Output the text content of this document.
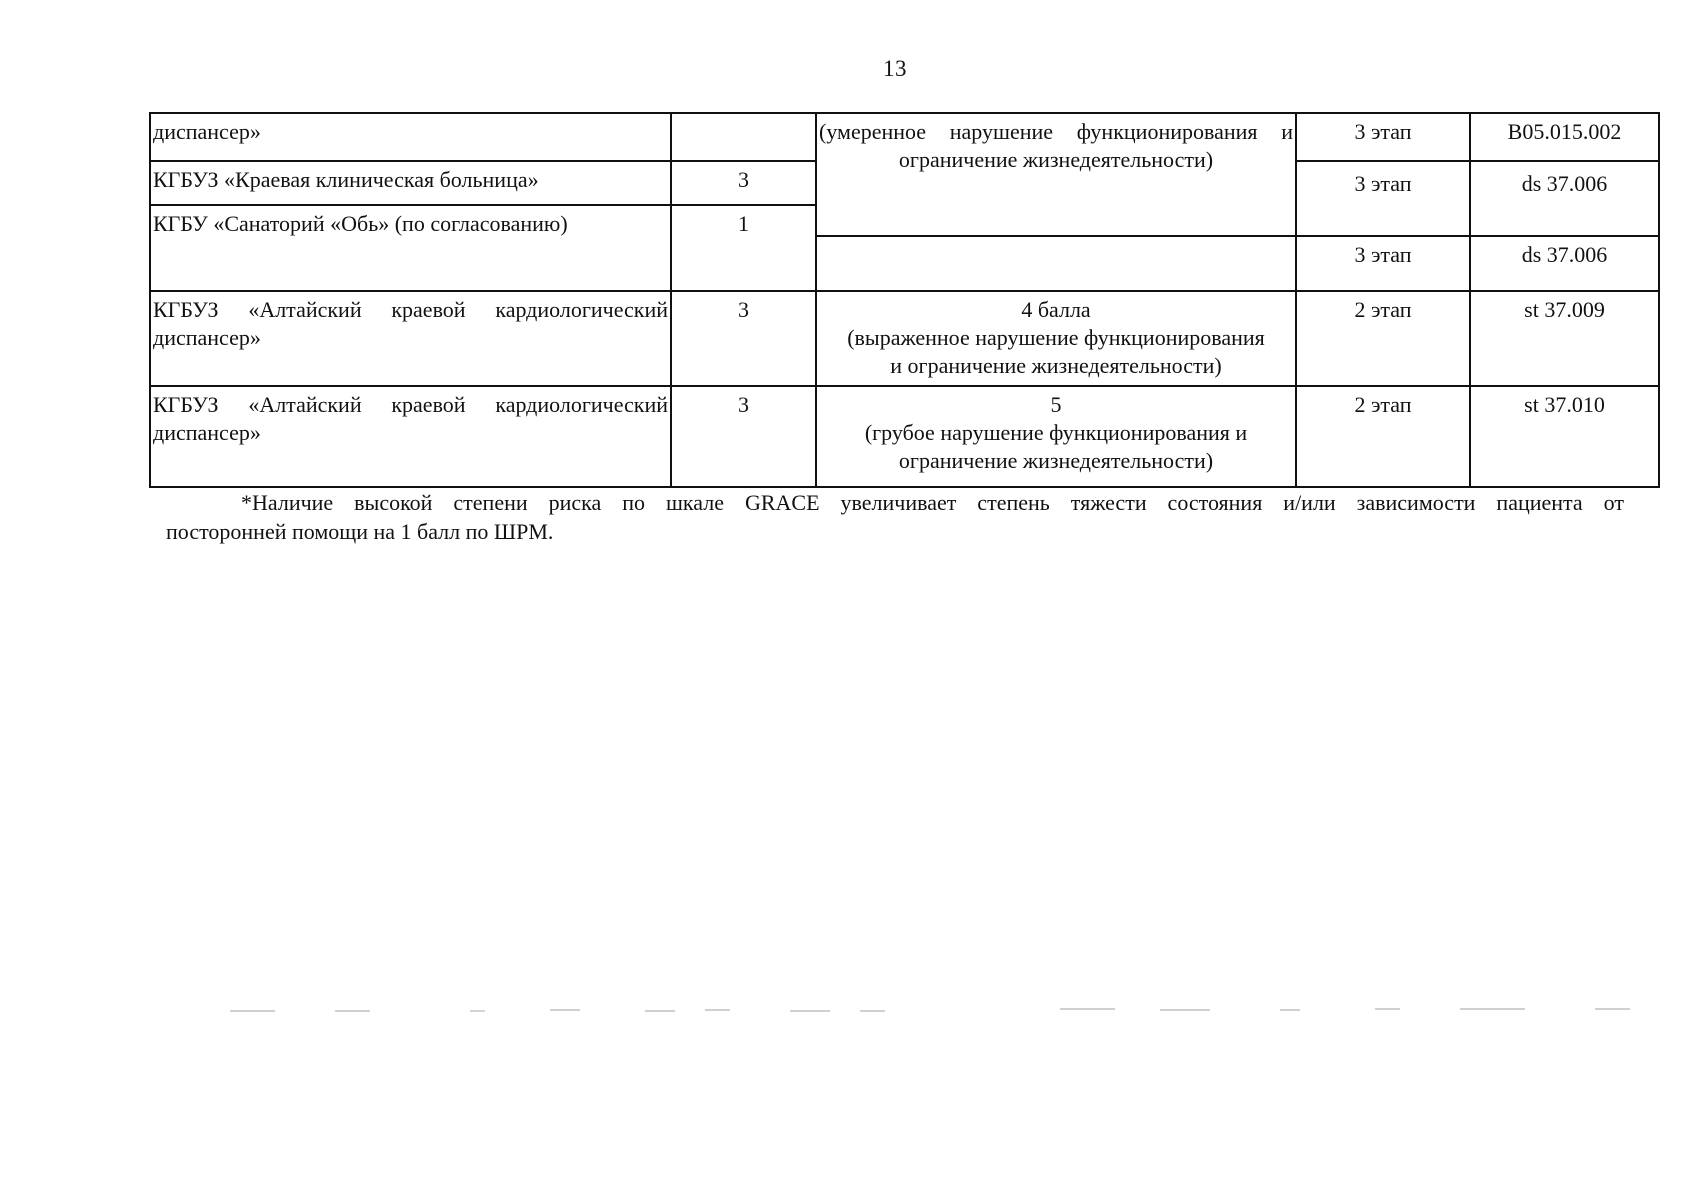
13
диспансер»		(умеренное нарушение функционирования и
ограничение жизнедеятельности)	3 этап	B05.015.002
КГБУЗ «Краевая клиническая больница»	3		3 этап	ds 37.006
КГБУ «Санаторий «Обь» (по согласованию)	1			
			3 этап	ds 37.006

КГБУЗ «Алтайский краевой кардиологический
диспансер»	3	4 балла
(выраженное нарушение функционирования
и ограничение жизнедеятельности)	2 этап	st 37.009

КГБУЗ «Алтайский краевой кардиологический
диспансер»	3	5
(грубое нарушение функционирования и
ограничение жизнедеятельности)	2 этап	st 37.010
*Наличие высокой степени риска по шкале GRACE увеличивает степень тяжести состояния и/или зависимости пациента от
посторонней помощи на 1 балл по ШРМ.
